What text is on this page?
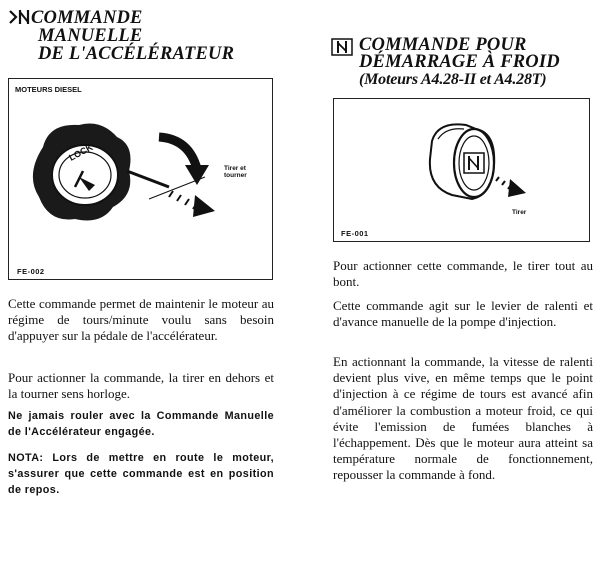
COMMANDE
MANUELLE
DE L'ACCÉLÉRATEUR
MOTEURS DIESEL
LOCK
Tirer et tourner
FE-002

Cette commande permet de maintenir le moteur au régime de tours/minute voulu sans besoin d'appuyer sur la pédale de l'accélérateur.

Pour actionner la commande, la tirer en dehors et la tourner sens horloge.

Ne jamais rouler avec la Commande Manuelle de l'Accélérateur engagée.

NOTA: Lors de mettre en route le moteur, s'assurer que cette commande est en position de repos.

COMMANDE POUR
DÉMARRAGE À FROID
(Moteurs A4.28-II et A4.28T)
Tirer
FE-001

Pour actionner cette commande, le tirer tout au bont.

Cette commande agit sur le levier de ralenti et d'avance manuelle de la pompe d'injection.

En actionnant la commande, la vitesse de ralenti devient plus vive, en même temps que le point d'injection à ce régime de tours est avancé afin d'améliorer la combustion a moteur froid, ce qui évite l'emission de fumées blanches à l'échappement. Dès que le moteur aura atteint sa température normale de fonctionnement, repousser la commande à fond.
